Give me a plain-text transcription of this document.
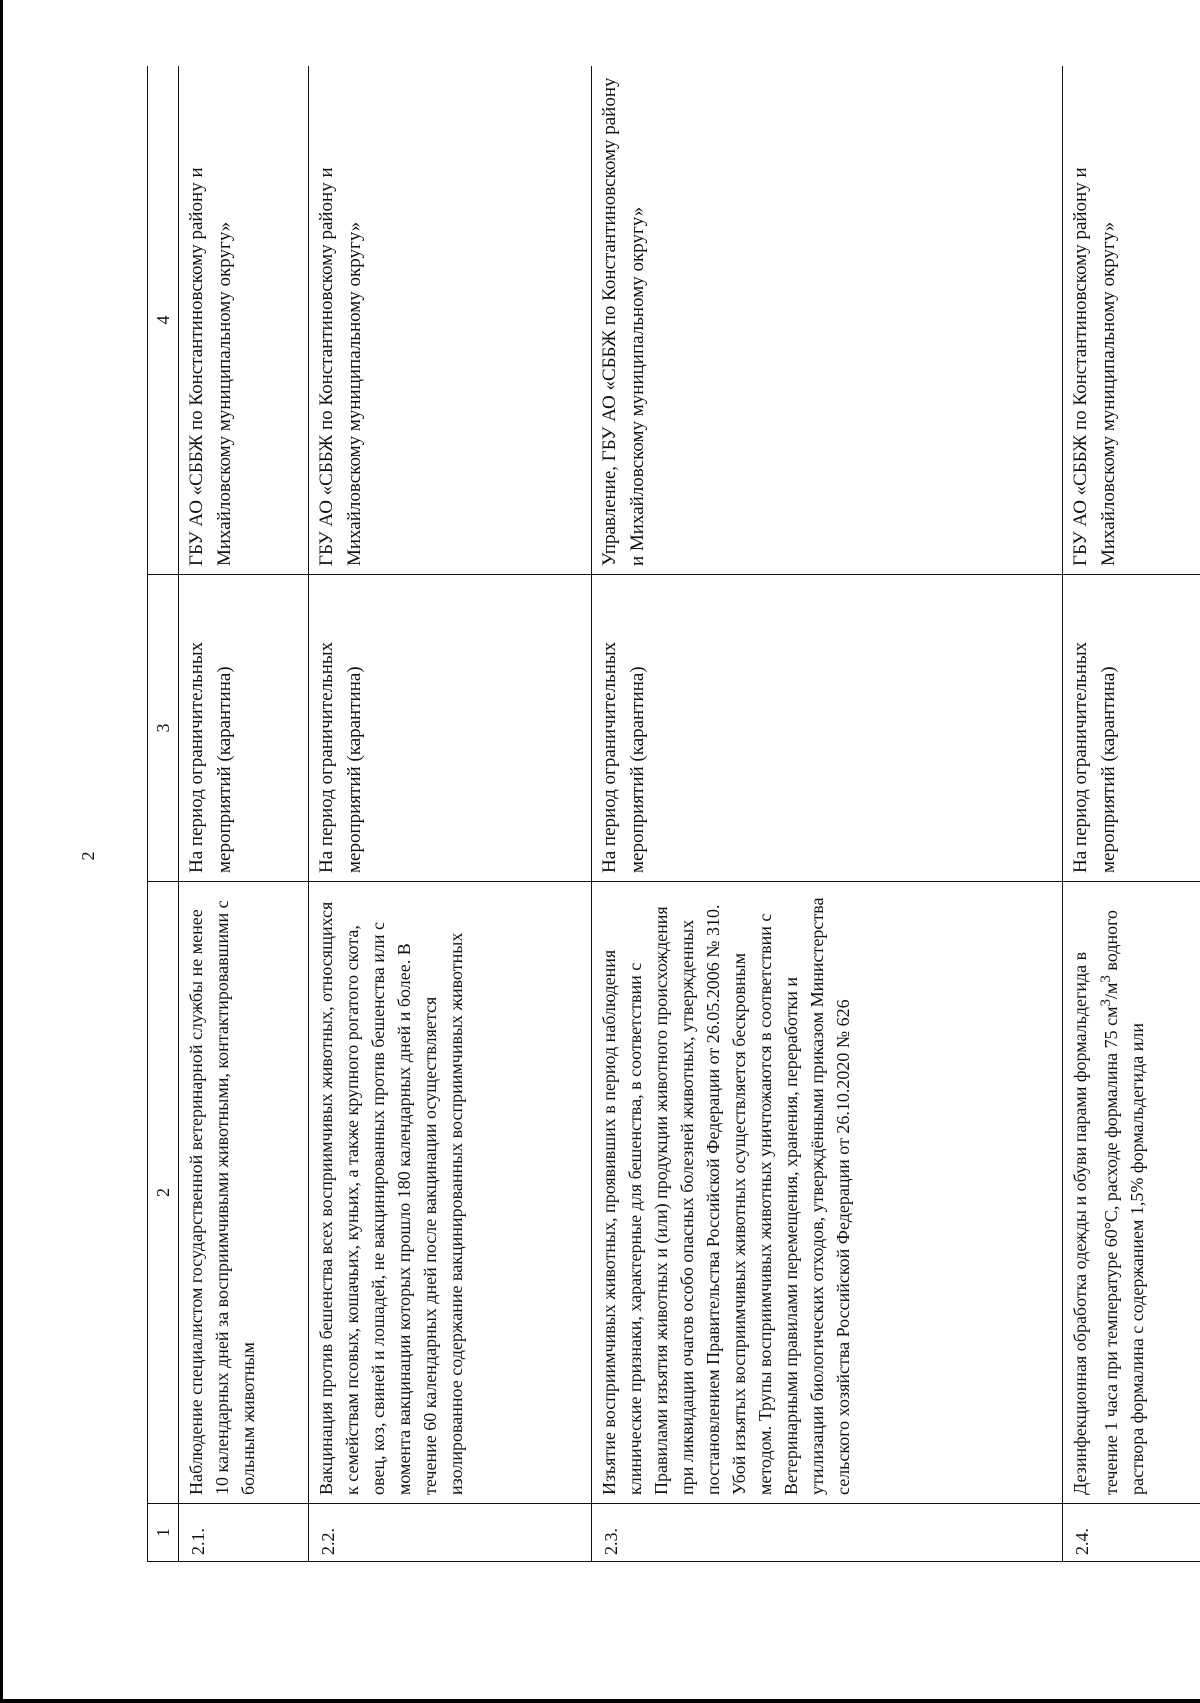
2
1	2	3	4
2.1.	Наблюдение специалистом государственной ветеринарной службы не менее 10 календарных дней за восприимчивыми животными, контактировавшими с больным животным	На период ограничительных мероприятий (карантина)	ГБУ АО «СББЖ по Константиновскому району и Михайловскому муниципальному округу»
2.2.	Вакцинация против бешенства всех восприимчивых животных, относящихся к семействам псовых, кошачьих, куньих, а также крупного рогатого скота, овец, коз, свиней и лошадей, не вакцинированных против бешенства или с момента вакцинации которых прошло 180 календарных дней и более. В течение 60 календарных дней после вакцинации осуществляется изолированное содержание вакцинированных восприимчивых животных	На период ограничительных мероприятий (карантина)	ГБУ АО «СББЖ по Константиновскому району и Михайловскому муниципальному округу»
2.3.	Изъятие восприимчивых животных, проявивших в период наблюдения клинические признаки, характерные для бешенства, в соответствии с Правилами изъятия животных и (или) продукции животного происхождения при ликвидации очагов особо опасных болезней животных, утвержденных постановлением Правительства Российской Федерации от 26.05.2006 № 310. Убой изъятых восприимчивых животных осуществляется бескровным методом. Трупы восприимчивых животных уничтожаются в соответствии с Ветеринарными правилами перемещения, хранения, переработки и утилизации биологических отходов, утверждёнными приказом Министерства сельского хозяйства Российской Федерации от 26.10.2020 № 626	На период ограничительных мероприятий (карантина)	Управление, ГБУ АО «СББЖ по Константиновскому району и Михайловскому муниципальному округу»
2.4.	Дезинфекционная обработка одежды и обуви парами формальдегида в течение 1 часа при температуре 60°С, расходе формалина 75 $см^3/м^3$ водного раствора формалина с содержанием 1,5% формальдегида или	На период ограничительных мероприятий (карантина)	ГБУ АО «СББЖ по Константиновскому району и Михайловскому муниципальному округу»
